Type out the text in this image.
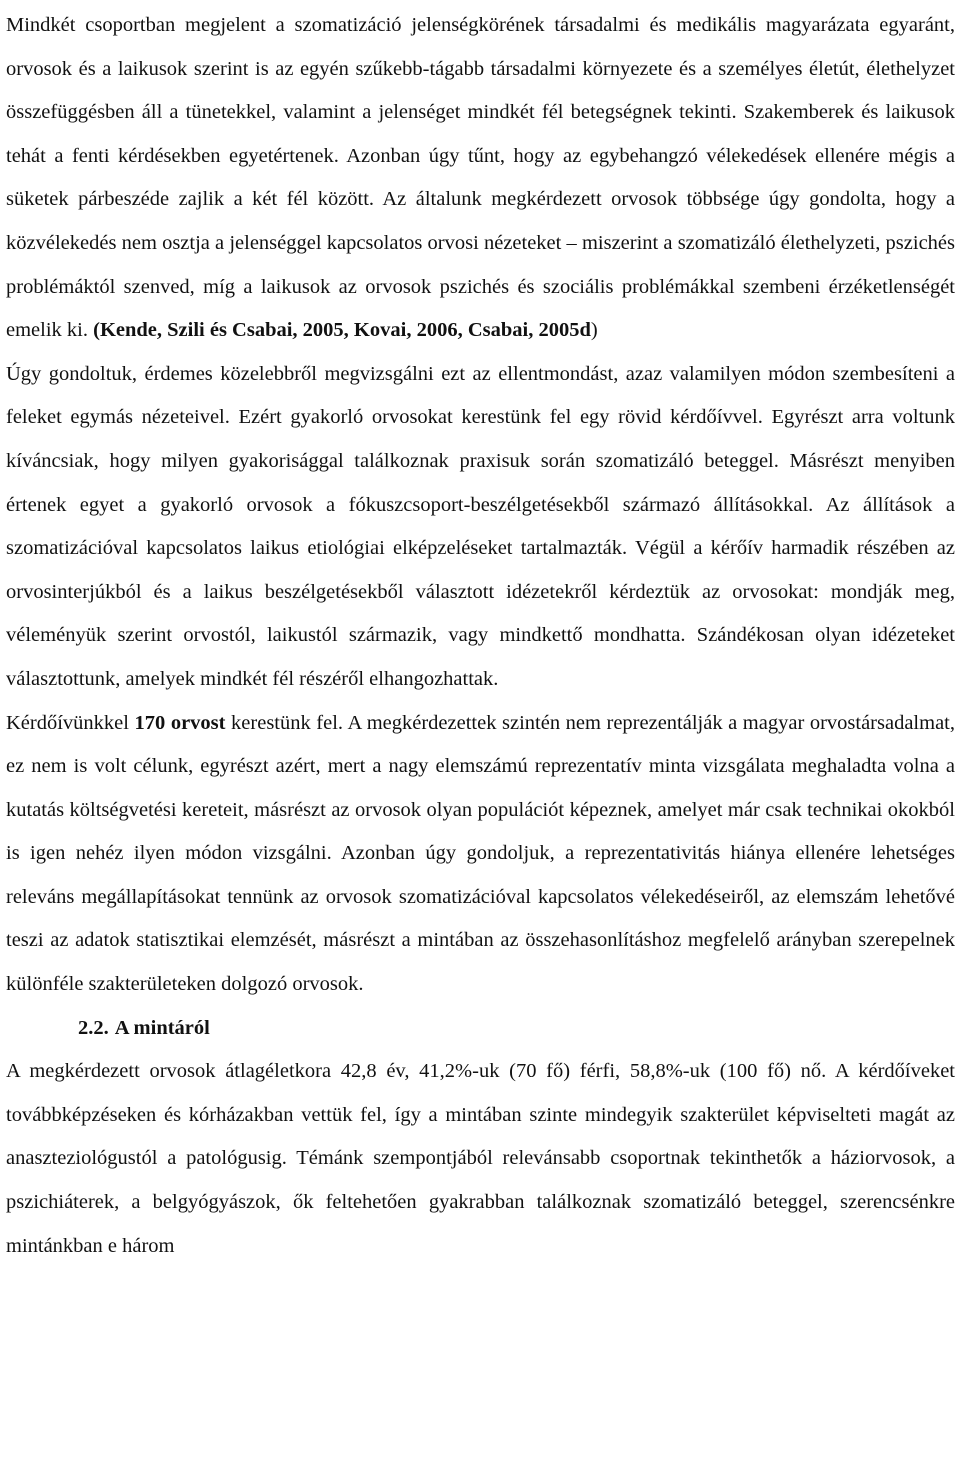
Mindkét csoportban megjelent a szomatizáció jelenségkörének társadalmi és medikális magyarázata egyaránt, orvosok és a laikusok szerint is az egyén szűkebb-tágabb társadalmi környezete és a személyes életút, élethelyzet összefüggésben áll a tünetekkel, valamint a jelenséget mindkét fél betegségnek tekinti. Szakemberek és laikusok tehát a fenti kérdésekben egyetértenek. Azonban úgy tűnt, hogy az egybehangzó vélekedések ellenére mégis a süketek párbeszéde zajlik a két fél között. Az általunk megkérdezett orvosok többsége úgy gondolta, hogy a közvélekedés nem osztja a jelenséggel kapcsolatos orvosi nézeteket – miszerint a szomatizáló élethelyzeti, pszichés problémáktól szenved, míg a laikusok az orvosok pszichés és szociális problémákkal szembeni érzéketlenségét emelik ki. (Kende, Szili és Csabai, 2005, Kovai, 2006, Csabai, 2005d)

Úgy gondoltuk, érdemes közelebbről megvizsgálni ezt az ellentmondást, azaz valamilyen módon szembesíteni a feleket egymás nézeteivel. Ezért gyakorló orvosokat kerestünk fel egy rövid kérdőívvel. Egyrészt arra voltunk kíváncsiak, hogy milyen gyakorisággal találkoznak praxisuk során szomatizáló beteggel. Másrészt menyiben értenek egyet a gyakorló orvosok a fókuszcsoport-beszélgetésekből származó állításokkal. Az állítások a szomatizációval kapcsolatos laikus etiológiai elképzeléseket tartalmazták. Végül a kérőív harmadik részében az orvosinterjúkból és a laikus beszélgetésekből választott idézetekről kérdeztük az orvosokat: mondják meg, véleményük szerint orvostól, laikustól származik, vagy mindkettő mondhatta. Szándékosan olyan idézeteket választottunk, amelyek mindkét fél részéről elhangozhattak.

Kérdőívünkkel 170 orvost kerestünk fel. A megkérdezettek szintén nem reprezentálják a magyar orvostársadalmat, ez nem is volt célunk, egyrészt azért, mert a nagy elemszámú reprezentatív minta vizsgálata meghaladta volna a kutatás költségvetési kereteit, másrészt az orvosok olyan populációt képeznek, amelyet már csak technikai okokból is igen nehéz ilyen módon vizsgálni. Azonban úgy gondoljuk, a reprezentativitás hiánya ellenére lehetséges releváns megállapításokat tennünk az orvosok szomatizációval kapcsolatos vélekedéseiről, az elemszám lehetővé teszi az adatok statisztikai elemzését, másrészt a mintában az összehasonlításhoz megfelelő arányban szerepelnek különféle szakterületeken dolgozó orvosok.

2.2. A mintáról

A megkérdezett orvosok átlagéletkora 42,8 év, 41,2%-uk (70 fő) férfi, 58,8%-uk (100 fő) nő. A kérdőíveket továbbképzéseken és kórházakban vettük fel, így a mintában szinte mindegyik szakterület képviselteti magát az anaszteziológustól a patológusig. Témánk szempontjából relevánsabb csoportnak tekinthetők a háziorvosok, a pszichiáterek, a belgyógyászok, ők feltehetően gyakrabban találkoznak szomatizáló beteggel, szerencsénkre mintánkban e három
